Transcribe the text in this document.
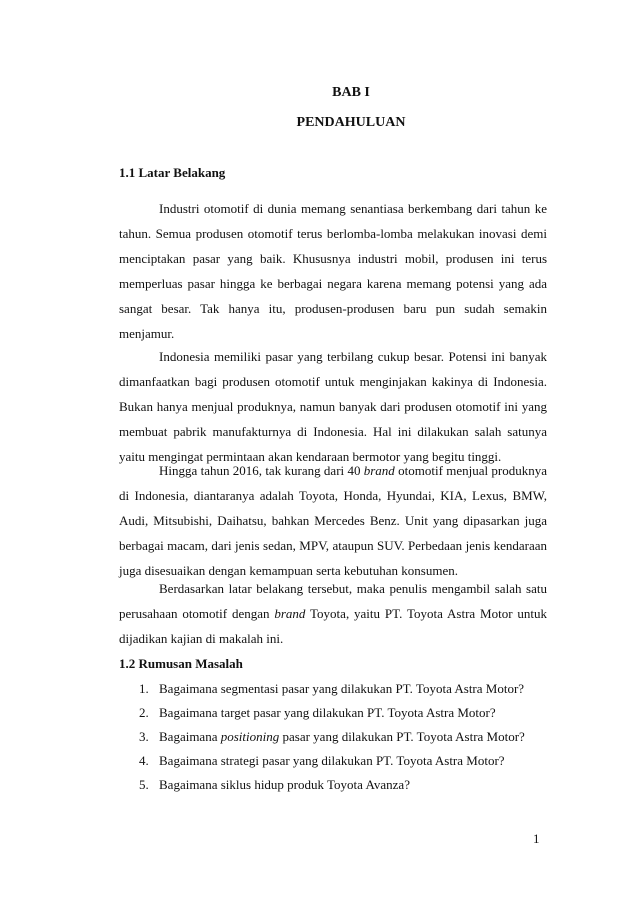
BAB I

PENDAHULUAN

1.1 Latar Belakang

Industri otomotif di dunia memang senantiasa berkembang dari tahun ke tahun. Semua produsen otomotif terus berlomba-lomba melakukan inovasi demi menciptakan pasar yang baik. Khususnya industri mobil, produsen ini terus memperluas pasar hingga ke berbagai negara karena memang potensi yang ada sangat besar. Tak hanya itu, produsen-produsen baru pun sudah semakin menjamur.

Indonesia memiliki pasar yang terbilang cukup besar. Potensi ini banyak dimanfaatkan bagi produsen otomotif untuk menginjakan kakinya di Indonesia. Bukan hanya menjual produknya, namun banyak dari produsen otomotif ini yang membuat pabrik manufakturnya di Indonesia. Hal ini dilakukan salah satunya yaitu mengingat permintaan akan kendaraan bermotor yang begitu tinggi.

Hingga tahun 2016, tak kurang dari 40 brand otomotif menjual produknya di Indonesia, diantaranya adalah Toyota, Honda, Hyundai, KIA, Lexus, BMW, Audi, Mitsubishi, Daihatsu, bahkan Mercedes Benz. Unit yang dipasarkan juga berbagai macam, dari jenis sedan, MPV, ataupun SUV. Perbedaan jenis kendaraan juga disesuaikan dengan kemampuan serta kebutuhan konsumen.

Berdasarkan latar belakang tersebut, maka penulis mengambil salah satu perusahaan otomotif dengan brand Toyota, yaitu PT. Toyota Astra Motor untuk dijadikan kajian di makalah ini.

1.2 Rumusan Masalah

1. Bagaimana segmentasi pasar yang dilakukan PT. Toyota Astra Motor?
2. Bagaimana target pasar yang dilakukan PT. Toyota Astra Motor?
3. Bagaimana positioning pasar yang dilakukan PT. Toyota Astra Motor?
4. Bagaimana strategi pasar yang dilakukan PT. Toyota Astra Motor?
5. Bagaimana siklus hidup produk Toyota Avanza?

1
